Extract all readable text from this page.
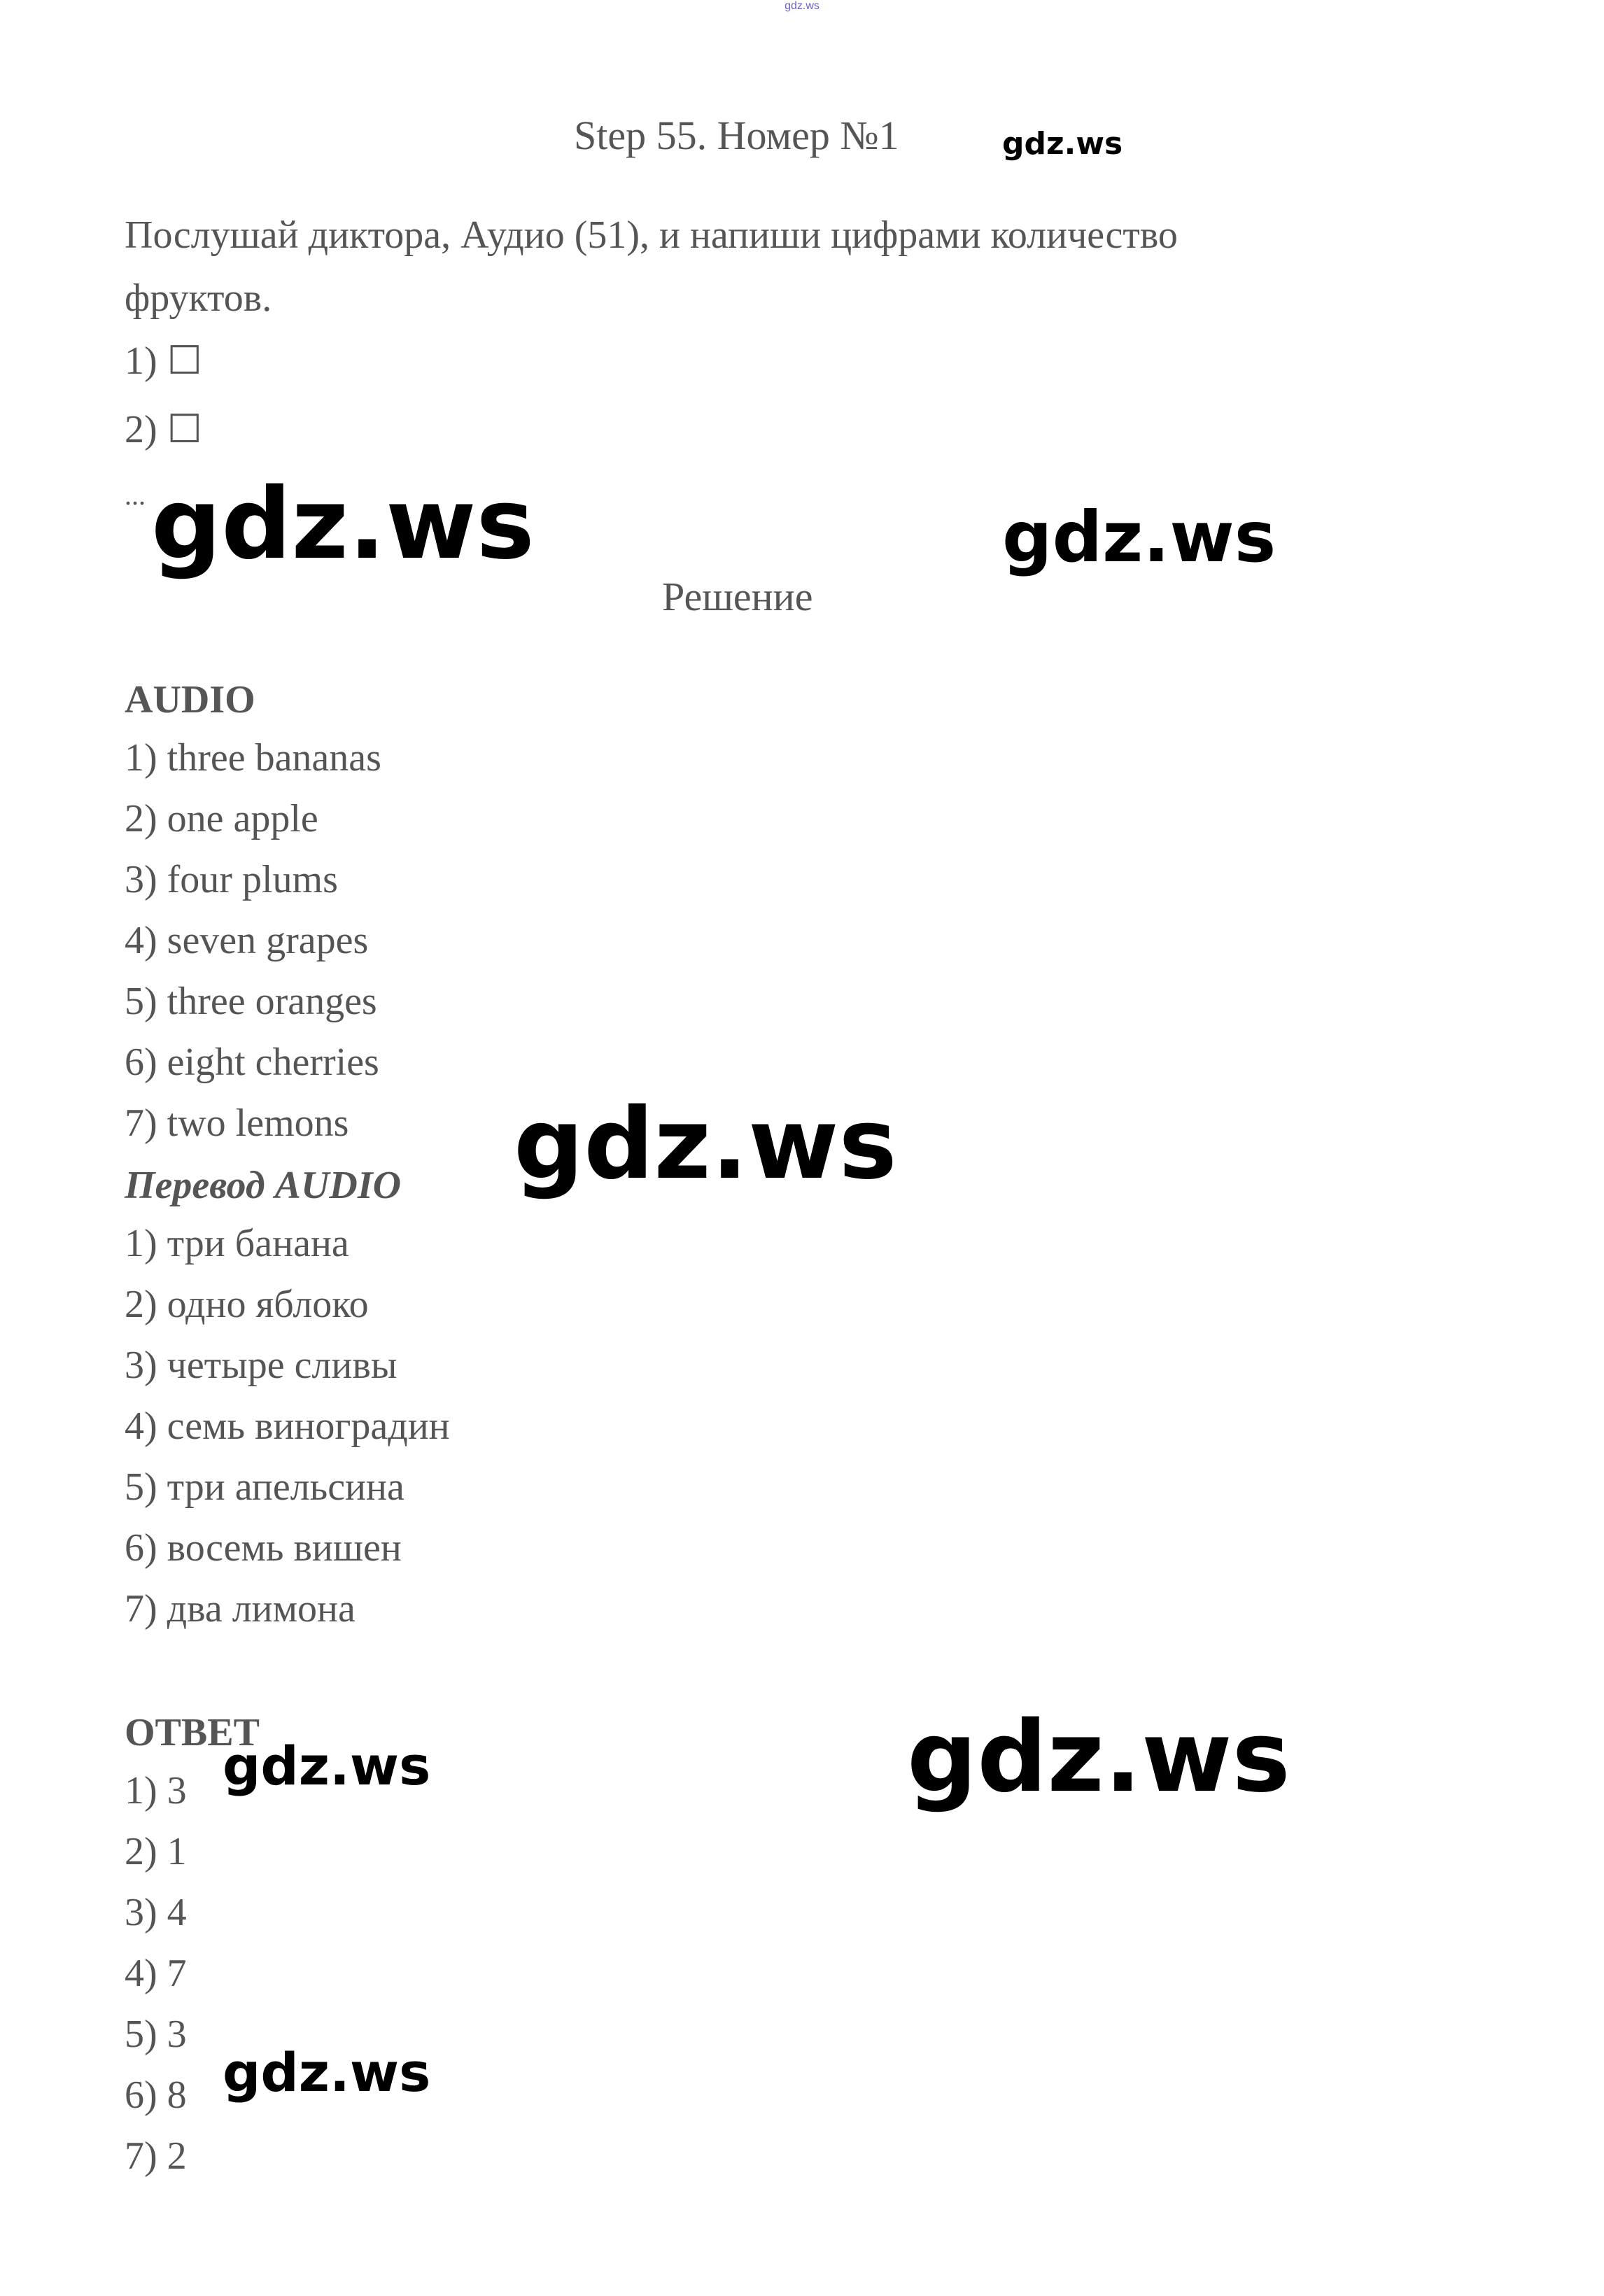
gdz.ws
Step 55. Номер №1	gdz.ws
Послушай диктора, Аудио (51), и напиши цифрами количество
фруктов.
1) ☐
2) ☐
... gdz.ws	gdz.ws
Решение
AUDIO
1) three bananas
2) one apple
3) four plums
4) seven grapes
5) three oranges
6) eight cherries
7) two lemons	gdz.ws
Перевод AUDIO
1) три банана
2) одно яблоко
3) четыре сливы
4) семь виноградин
5) три апельсина
6) восемь вишен
7) два лимона
ОТВЕТ
1) 3
2) 1
3) 4
4) 7
5) 3
6) 8
7) 2
gdz.ws	gdz.ws
gdz.ws
